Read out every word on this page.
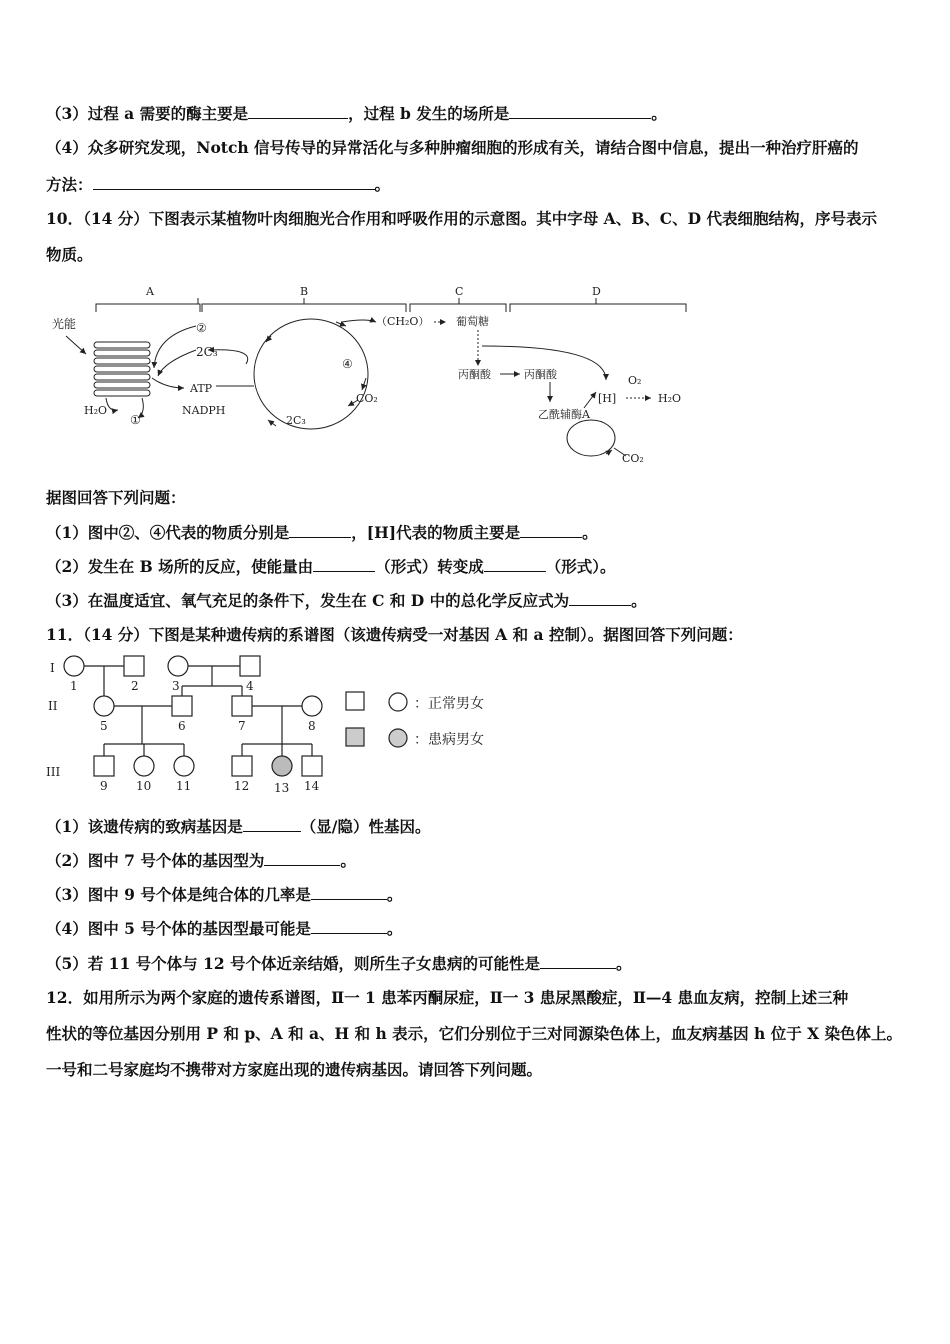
（3）过程 a 需要的酶主要是	，过程 b 发生的场所是	。
（4）众多研究发现，Notch 信号传导的异常活化与多种肿瘤细胞的形成有关，请结合图中信息，提出一种治疗肝癌的
方法：	。
10．（14 分）下图表示某植物叶肉细胞光合作用和呼吸作用的示意图。其中字母 A、B、C、D 代表细胞结构，序号表示
物质。
A	B	C	D
光能	②
2C₃
④
①
ATP
NADPH
H₂O
（CH₂O） 葡萄糖
丙酮酸	丙酮酸
[H]
O₂
H₂O
乙酰辅酶A
CO₂
CO₂
2C₃
据图回答下列问题：
（1）图中②、④代表的物质分别是	，[H]代表的物质主要是	。
（2）发生在 B 场所的反应，使能量由	（形式）转变成	（形式）。
（3）在温度适宜、氧气充足的条件下，发生在 C 和 D 中的总化学反应式为	。
11．（14 分）下图是某种遗传病的系谱图（该遗传病受一对基因 A 和 a 控制）。据图回答下列问题：
I
II
III
1	2	3	4
5	6	7	8
9 10 11	12 13 14
：正常男女
：患病男女
（1）该遗传病的致病基因是	（显/隐）性基因。
（2）图中 7 号个体的基因型为	。
（3）图中 9 号个体是纯合体的几率是	。
（4）图中 5 号个体的基因型最可能是	。
（5）若 11 号个体与 12 号个体近亲结婚，则所生子女患病的可能性是	。
12．如用所示为两个家庭的遗传系谱图，Ⅱ一 1 患苯丙酮尿症，Ⅱ一 3 患尿黑酸症，Ⅱ—4 患血友病，控制上述三种
性状的等位基因分别用 P 和 p、A 和 a、H 和 h 表示，它们分别位于三对同源染色体上，血友病基因 h 位于 X 染色体上。
一号和二号家庭均不携带对方家庭出现的遗传病基因。请回答下列问题。
